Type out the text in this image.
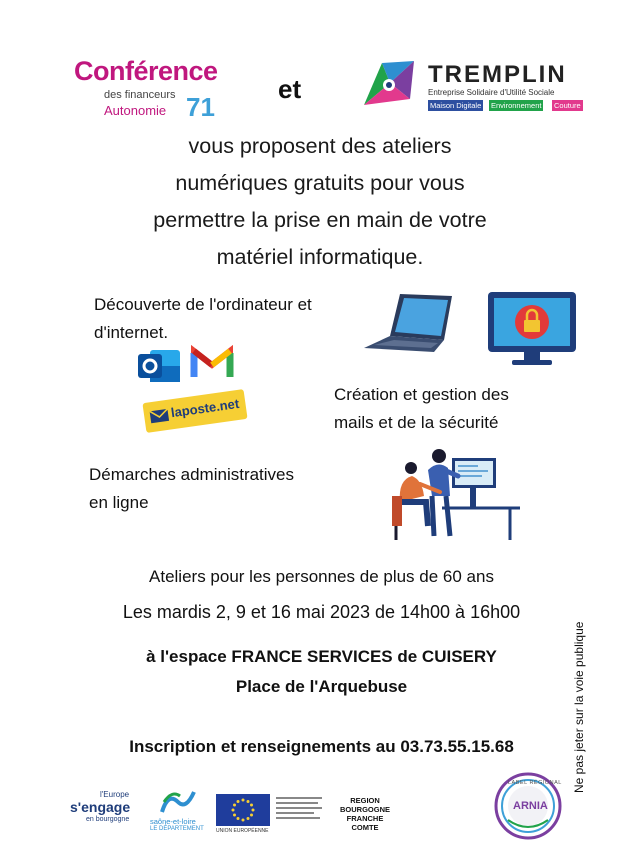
Conférence
des financeurs
Autonomie 71
et	TREMPLIN
Entreprise Solidaire d'Utilité Sociale
Maison Digitale Environnement Couture
vous proposent des ateliers
numériques gratuits pour vous
permettre la prise en main de votre
matériel informatique.
Découverte de l'ordinateur et
d'internet.
laposte.net
Création et gestion des
mails et de la sécurité
Démarches administratives
en ligne
Ateliers pour les personnes de plus de 60 ans
Les mardis 2, 9 et 16 mai 2023 de 14h00 à 16h00
à l'espace FRANCE SERVICES de CUISERY
Place de l'Arquebuse
Inscription et renseignements au 03.73.55.15.68	Ne pas jeter sur la voie publique
l'Europe
s'engage
en bourgogne	saône-et-loire
LE DÉPARTEMENT UNION EUROPÉENNE
REGION
BOURGOGNE
FRANCHE
COMTE
LABEL RÉGIONAL
ARNIA
